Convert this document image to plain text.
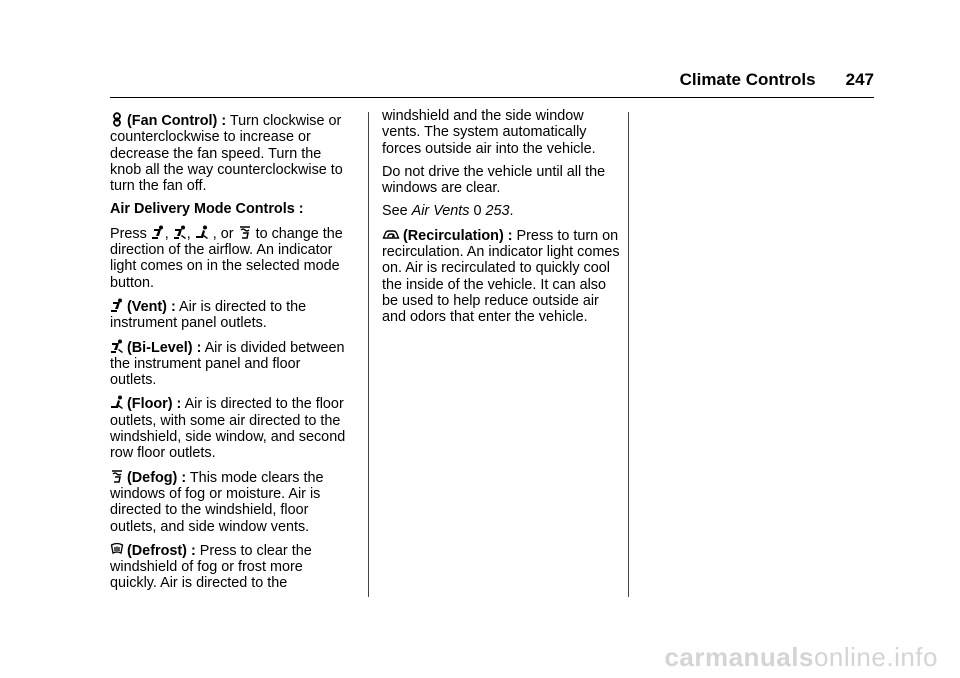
Climate Controls 247

(Fan Control) : Turn clockwise or counterclockwise to increase or decrease the fan speed. Turn the knob all the way counterclockwise to turn the fan off.

Air Delivery Mode Controls :

Press
,
,
, or
to change the direction of the airflow. An indicator light comes on in the selected mode button.

(Vent) : Air is directed to the instrument panel outlets.

(Bi-Level) : Air is divided between the instrument panel and floor outlets.

(Floor) : Air is directed to the floor outlets, with some air directed to the windshield, side window, and second row floor outlets.

(Defog) : This mode clears the windows of fog or moisture. Air is directed to the windshield, floor outlets, and side window vents.

(Defrost) : Press to clear the windshield of fog or frost more quickly. Air is directed to the

windshield and the side window vents. The system automatically forces outside air into the vehicle.

Do not drive the vehicle until all the windows are clear.

See Air Vents 0 253.

(Recirculation) : Press to turn on recirculation. An indicator light comes on. Air is recirculated to quickly cool the inside of the vehicle. It can also be used to help reduce outside air and odors that enter the vehicle.

carmanualsonline.info
